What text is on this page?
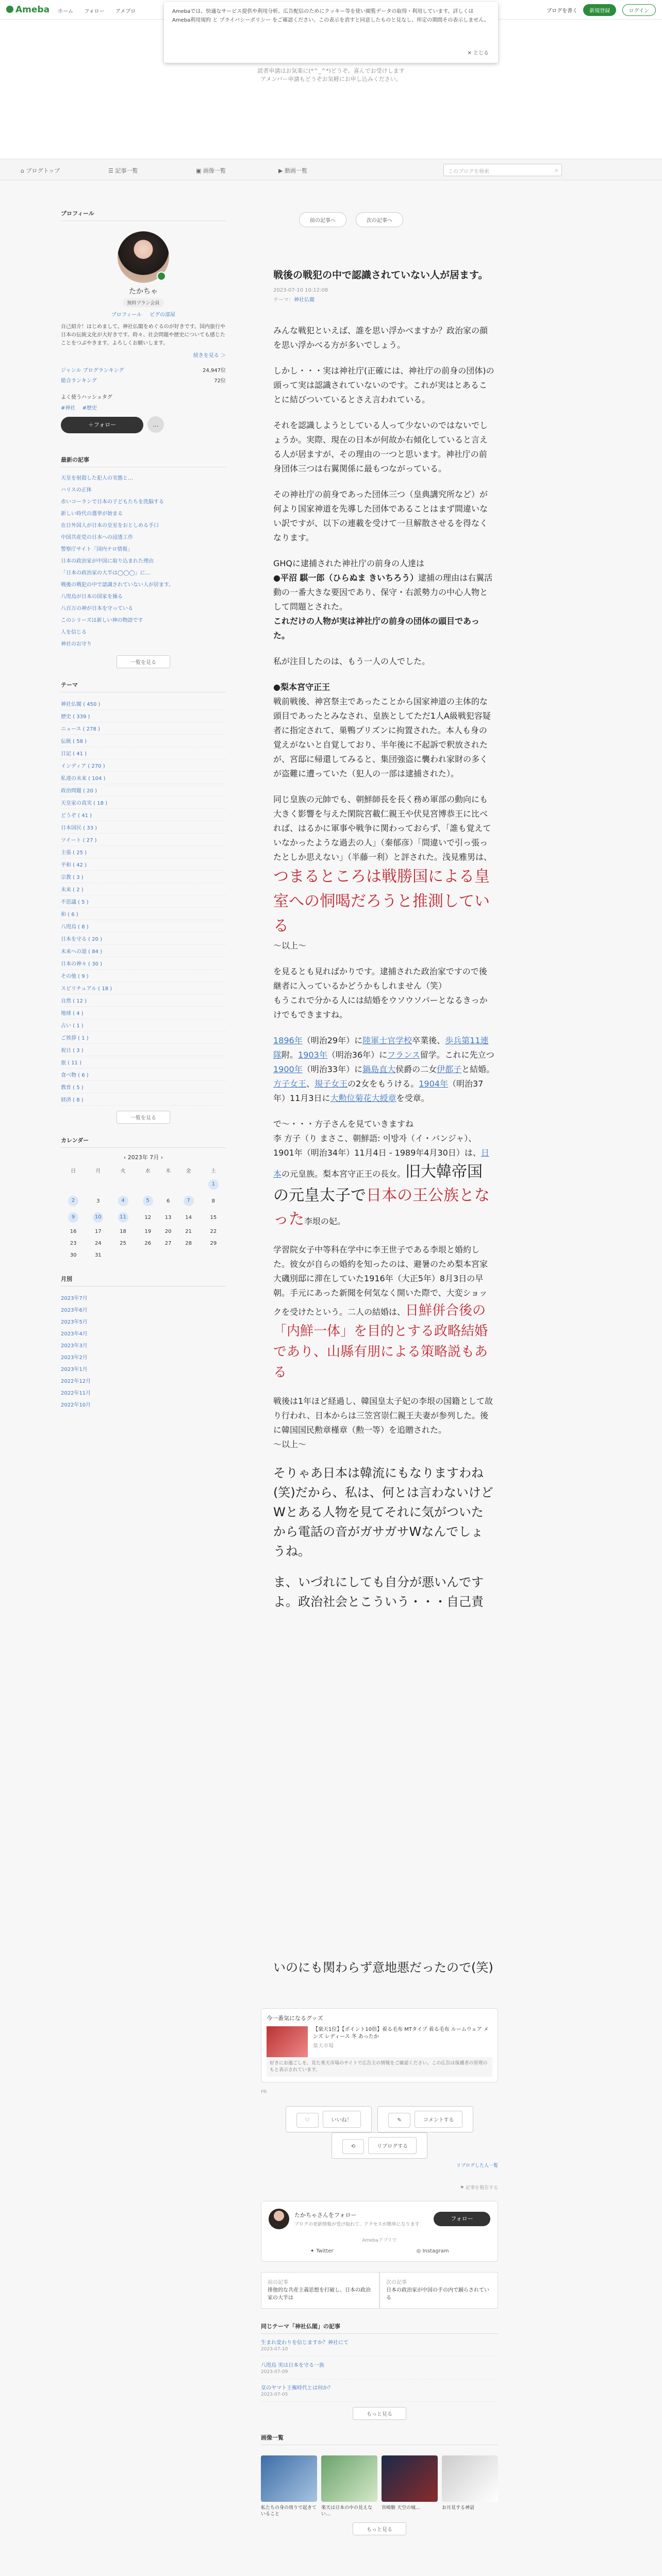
Ameba ホーム フォロー アメブロ	ブログを書く 新規登録	ログイン
Amebaでは、快適なサービス提供や利用分析、広告配信のためにクッキー等を使い閲覧データの取得・利用しています。詳しくは Ameba利用規約 と プライバシーポリシー をご確認ください。この表示を消すと同意したものと見なし、所定の期間その表示しません。
✕ とじる
読者申請はお気楽に(*^_^*)どうぞ。喜んでお受けします
アメンバー申請もどうぞお気軽にお申し込みください。
⌂ ブログトップ	☰ 記事一覧	▣ 画像一覧	▶ 動画一覧	このブログを検索	⌕
前の記事へ	次の記事へ
プロフィール
たかちゃ
無料プラン会員
プロフィール ピグの部屋
自己紹介！はじめまして。神社仏閣をめぐるのが好きです。国内旅行や日本の伝統文化が大好きです。時々、社会問題や歴史についても感じたことをつぶやきます。よろしくお願いします。
続きを見る ＞
ジャンル ブログランキング	24,947位
総合ランキング	72位
よく使うハッシュタグ
#神社 #歴史
＋フォロー	…
最新の記事
天皇を射殺した犯人の実態と…
ハリスの正体
赤いコーランで日本の子どもたちを洗脳する
新しい時代の選挙が始まる
在日外国人が日本の皇室をおとしめる手口
中国共産党の日本への浸透工作
警察庁サイト「国内テロ情報」
日本の政治家が中国に取り込まれた理由
「日本の政治家の大半は◯◯◯」に…
戦後の戦犯の中で認識されていない人が居ます。
八咫烏が日本の国家を操る
八百万の神が日本を守っている
このシリーズは新しい神の物語です
人を信じる
神社のお守り
一覧を見る
テーマ
神社仏閣 ( 450 )
歴史 ( 339 )
ニュース ( 278 )
伝統 ( 58 )
日記 ( 41 )
インディア ( 270 )
私達の未来 ( 104 )
政治問題 ( 20 )
天皇家の真実 ( 18 )
どうぞ ( 41 )
日本国民 ( 33 )
ツイート ( 27 )
主張 ( 25 )
平和 ( 42 )
宗教 ( 3 )
未来 ( 2 )
不思議 ( 5 )
和 ( 6 )
八咫烏 ( 8 )
日本を守る ( 20 )
未来への道 ( 84 )
日本の神々 ( 30 )
その他 ( 9 )
スピリチュアル ( 18 )
自然 ( 12 )
地球 ( 4 )
占い ( 1 )
ご挨拶 ( 1 )
祝日 ( 3 )
旅 ( 11 )
食べ物 ( 6 )
教育 ( 5 )
経済 ( 8 )
一覧を見る
カレンダー
‹ 2023年 7月 ›
日	月	火	水	木	金	土
						1
2	3	4	5	6	7	8
9	10	11	12	13	14	15
16	17	18	19	20	21	22
23	24	25	26	27	28	29
30	31					
月別
2023年7月
2023年6月
2023年5月
2023年4月
2023年3月
2023年2月
2023年1月
2022年12月
2022年11月
2022年10月
戦後の戦犯の中で認識されていない人が居ます。
2023-07-10 10:12:08
テーマ：神社仏閣

みんな戦犯といえば、誰を思い浮かべますか？政治家の顔を思い浮かべる方が多いでしょう。

しかし・・・実は神社庁(正確には、神社庁の前身の団体)の頭って実は認識されていないのです。これが実はとあることに結びついているとさえ言われている。

それを認識しようとしている人って少ないのではないでしょうか。実際、現在の日本が何故か右傾化していると言える人が居ますが、その理由の一つと思います。神社庁の前身団体三つは右翼関係に最もつながっている。

その神社庁の前身であった団体三つ（皇典講究所など）が何より国家神道を先導した団体であることはまず間違いない訳ですが、以下の連載を受けて一旦解散させるを得なくなります。

GHQに逮捕された神社庁の前身の人達は
●平沼 騏一郎（ひらぬま きいちろう）逮捕の理由は右翼活動の一番大きな要因であり、保守・右派勢力の中心人物として問題とされた。
これだけの人物が実は神社庁の前身の団体の頭目であった。

私が注目したのは、もう一人の人でした。

●梨本宮守正王
戦前戦後、神宮祭主であったことから国家神道の主体的な頭目であったとみなされ、皇族としてただ1人A級戦犯容疑者に指定されて、巣鴨プリズンに拘置された。本人も身の覚えがないと自覚しており、半年後に不起訴で釈放されたが、宮邸に帰還してみると、集団強盗に襲われ家財の多くが盗難に遭っていた（犯人の一部は逮捕された）。

同じ皇族の元帥でも、朝鮮師長を長く務め軍部の動向にも大きく影響を与えた閑院宮載仁親王や伏見宮博恭王に比べれば、はるかに軍事や戦争に関わっておらず、「誰も覚えていなかったような過去の人」（秦郁彦）「間違いで引っ張ったとしか思えない」（半藤一利）と評された。浅見雅男は、 つまるところは戦勝国による皇室への恫喝だろうと推測している
〜以上〜

を見るとも見ればかりです。逮捕された政治家ですので後継者に入っているかどうかもしれません（笑）
もうこれで分かる人には結婚をウソウソパーとなるきっかけでもできますね。

1896年（明治29年）に陸軍士官学校卒業後、歩兵第11連隊附。1903年（明治36年）にフランス留学。これに先立つ1900年（明治33年）に鍋島直大侯爵の二女伊都子と結婚。方子女王、規子女王の2女をもうける。1904年（明治37年）11月3日に大勲位菊花大綬章を受章。

で～・・・方子さんを見ていきますね
李 方子（り まさこ、朝鮮語: 이방자（イ・バンジャ）、1901年（明治34年）11月4日 - 1989年4月30日）は、日本の元皇族。梨本宮守正王の長女。旧大韓帝国の元皇太子で日本の王公族となった李垠の妃。

学習院女子中等科在学中に李王世子である李垠と婚約した。彼女が自らの婚約を知ったのは、避暑のため梨本宮家大磯別邸に滞在していた1916年（大正5年）8月3日の早朝。手元にあった新聞を何気なく開いた際で、大変ショックを受けたという。二人の結婚は、日鮮併合後の「内鮮一体」を目的とする政略結婚であり、山縣有朋による策略説もある

戦後は1年ほど経過し、韓国皇太子妃の李垠の国籍として故り行われ、日本からは三笠宮崇仁親王夫妻が参列した。後に韓国国民勲章槿章（勲一等）を追贈された。
〜以上〜

そりゃあ日本は韓流にもなりますわね(笑)だから、私は、何とは言わないけどWとある人物を見てそれに気がついたから電話の音がガサガサWなんでしょうね。

ま、いづれにしても自分が悪いんですよ。政治社会とこういう・・・自己責

いのにも関わらず意地悪だったので(笑)
今一番気になるグッズ
【楽天1位】【ポイント10倍】着る毛布 MTタイプ 着る毛布 ルームウェア メンズ レディース 冬 あったか
楽天市場
好きにお過ごしを、見た楽天市場のサイトで広告主の情報をご確認ください。この広告は保護者の管理のもと表示されています。
PR
♡	いいね！	✎	コメントする ⟲	リブログする
リブログした人一覧
⚑ 記事を報告する
たかちゃさんをフォロー
ブログの更新情報が受け取れて、アクセスが簡単になります
フォロー
Amebaアプリで
✦ Twitter	◎ Instagram
前の記事
排他的な共産主義思想を打破し、日本の政治家の大半は
次の記事
日本の政治家が中国の手の内で踊らされている
同じテーマ「神社仏閣」の記事
生まれ変わりを信じますか？神社にて
2023-07-10
八咫烏 実は日本を守る一族
2023-07-09
皇のヤマト王権時代とは何か？
2023-07-05
もっと見る
画像一覧
私たちの身の周りで起きていること
楽天は日本の中の見えない…
宮崎駿 天空の城…	お月見する神話
もっと見る
